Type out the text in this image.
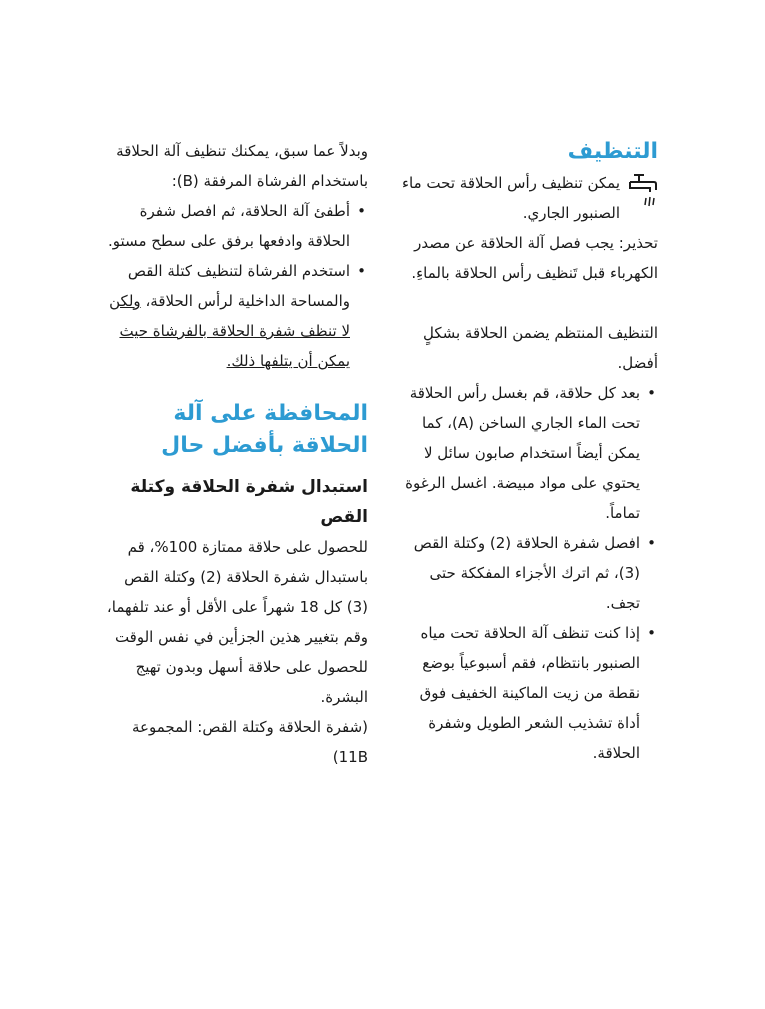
التنظيف

يمكن تنظيف رأس الحلاقة تحت ماء الصنبور الجاري.

تحذير: يجب فصل آلة الحلاقة عن مصدر الكهرباء قبل تَنظيف رأس الحلاقة بالماءِ.

التنظيف المنتظم يضمن الحلاقة بشكلٍ أفضل.

• بعد كل حلاقة، قم بغسل رأس الحلاقة تحت الماء الجاري الساخن (A)، كما يمكن أيضاً استخدام صابون سائل لا يحتوي على مواد مبيضة. اغسل الرغوة تماماً.
• افصل شفرة الحلاقة (2) وكتلة القص (3)، ثم اترك الأجزاء المفككة حتى تجف.
• إذا كنت تنظف آلة الحلاقة تحت مياه الصنبور بانتظام، فقم أسبوعياً بوضع نقطة من زيت الماكينة الخفيف فوق أداة تشذيب الشعر الطويل وشفرة الحلاقة.

وبدلاً عما سبق، يمكنك تنظيف آلة الحلاقة باستخدام الفرشاة المرفقة (B):

• أطفئ آلة الحلاقة، ثم افصل شفرة الحلاقة وادفعها برفق على سطح مستو.
• استخدم الفرشاة لتنظيف كتلة القص والمساحة الداخلية لرأس الحلاقة، ولكن لا تنظف شفرة الحلاقة بالفرشاة حيث يمكن أن يتلفها ذلك.
المحافظة على آلة الحلاقة بأفضل حال
استبدال شفرة الحلاقة وكتلة القص

للحصول على حلاقة ممتازة 100%، قم باستبدال شفرة الحلاقة (2) وكتلة القص (3) كل 18 شهراً على الأقل أو عند تلفهما، وقم بتغيير هذين الجزأين في نفس الوقت للحصول على حلاقة أسهل وبدون تهيج البشرة.

(شفرة الحلاقة وكتلة القص: المجموعة 11B)
